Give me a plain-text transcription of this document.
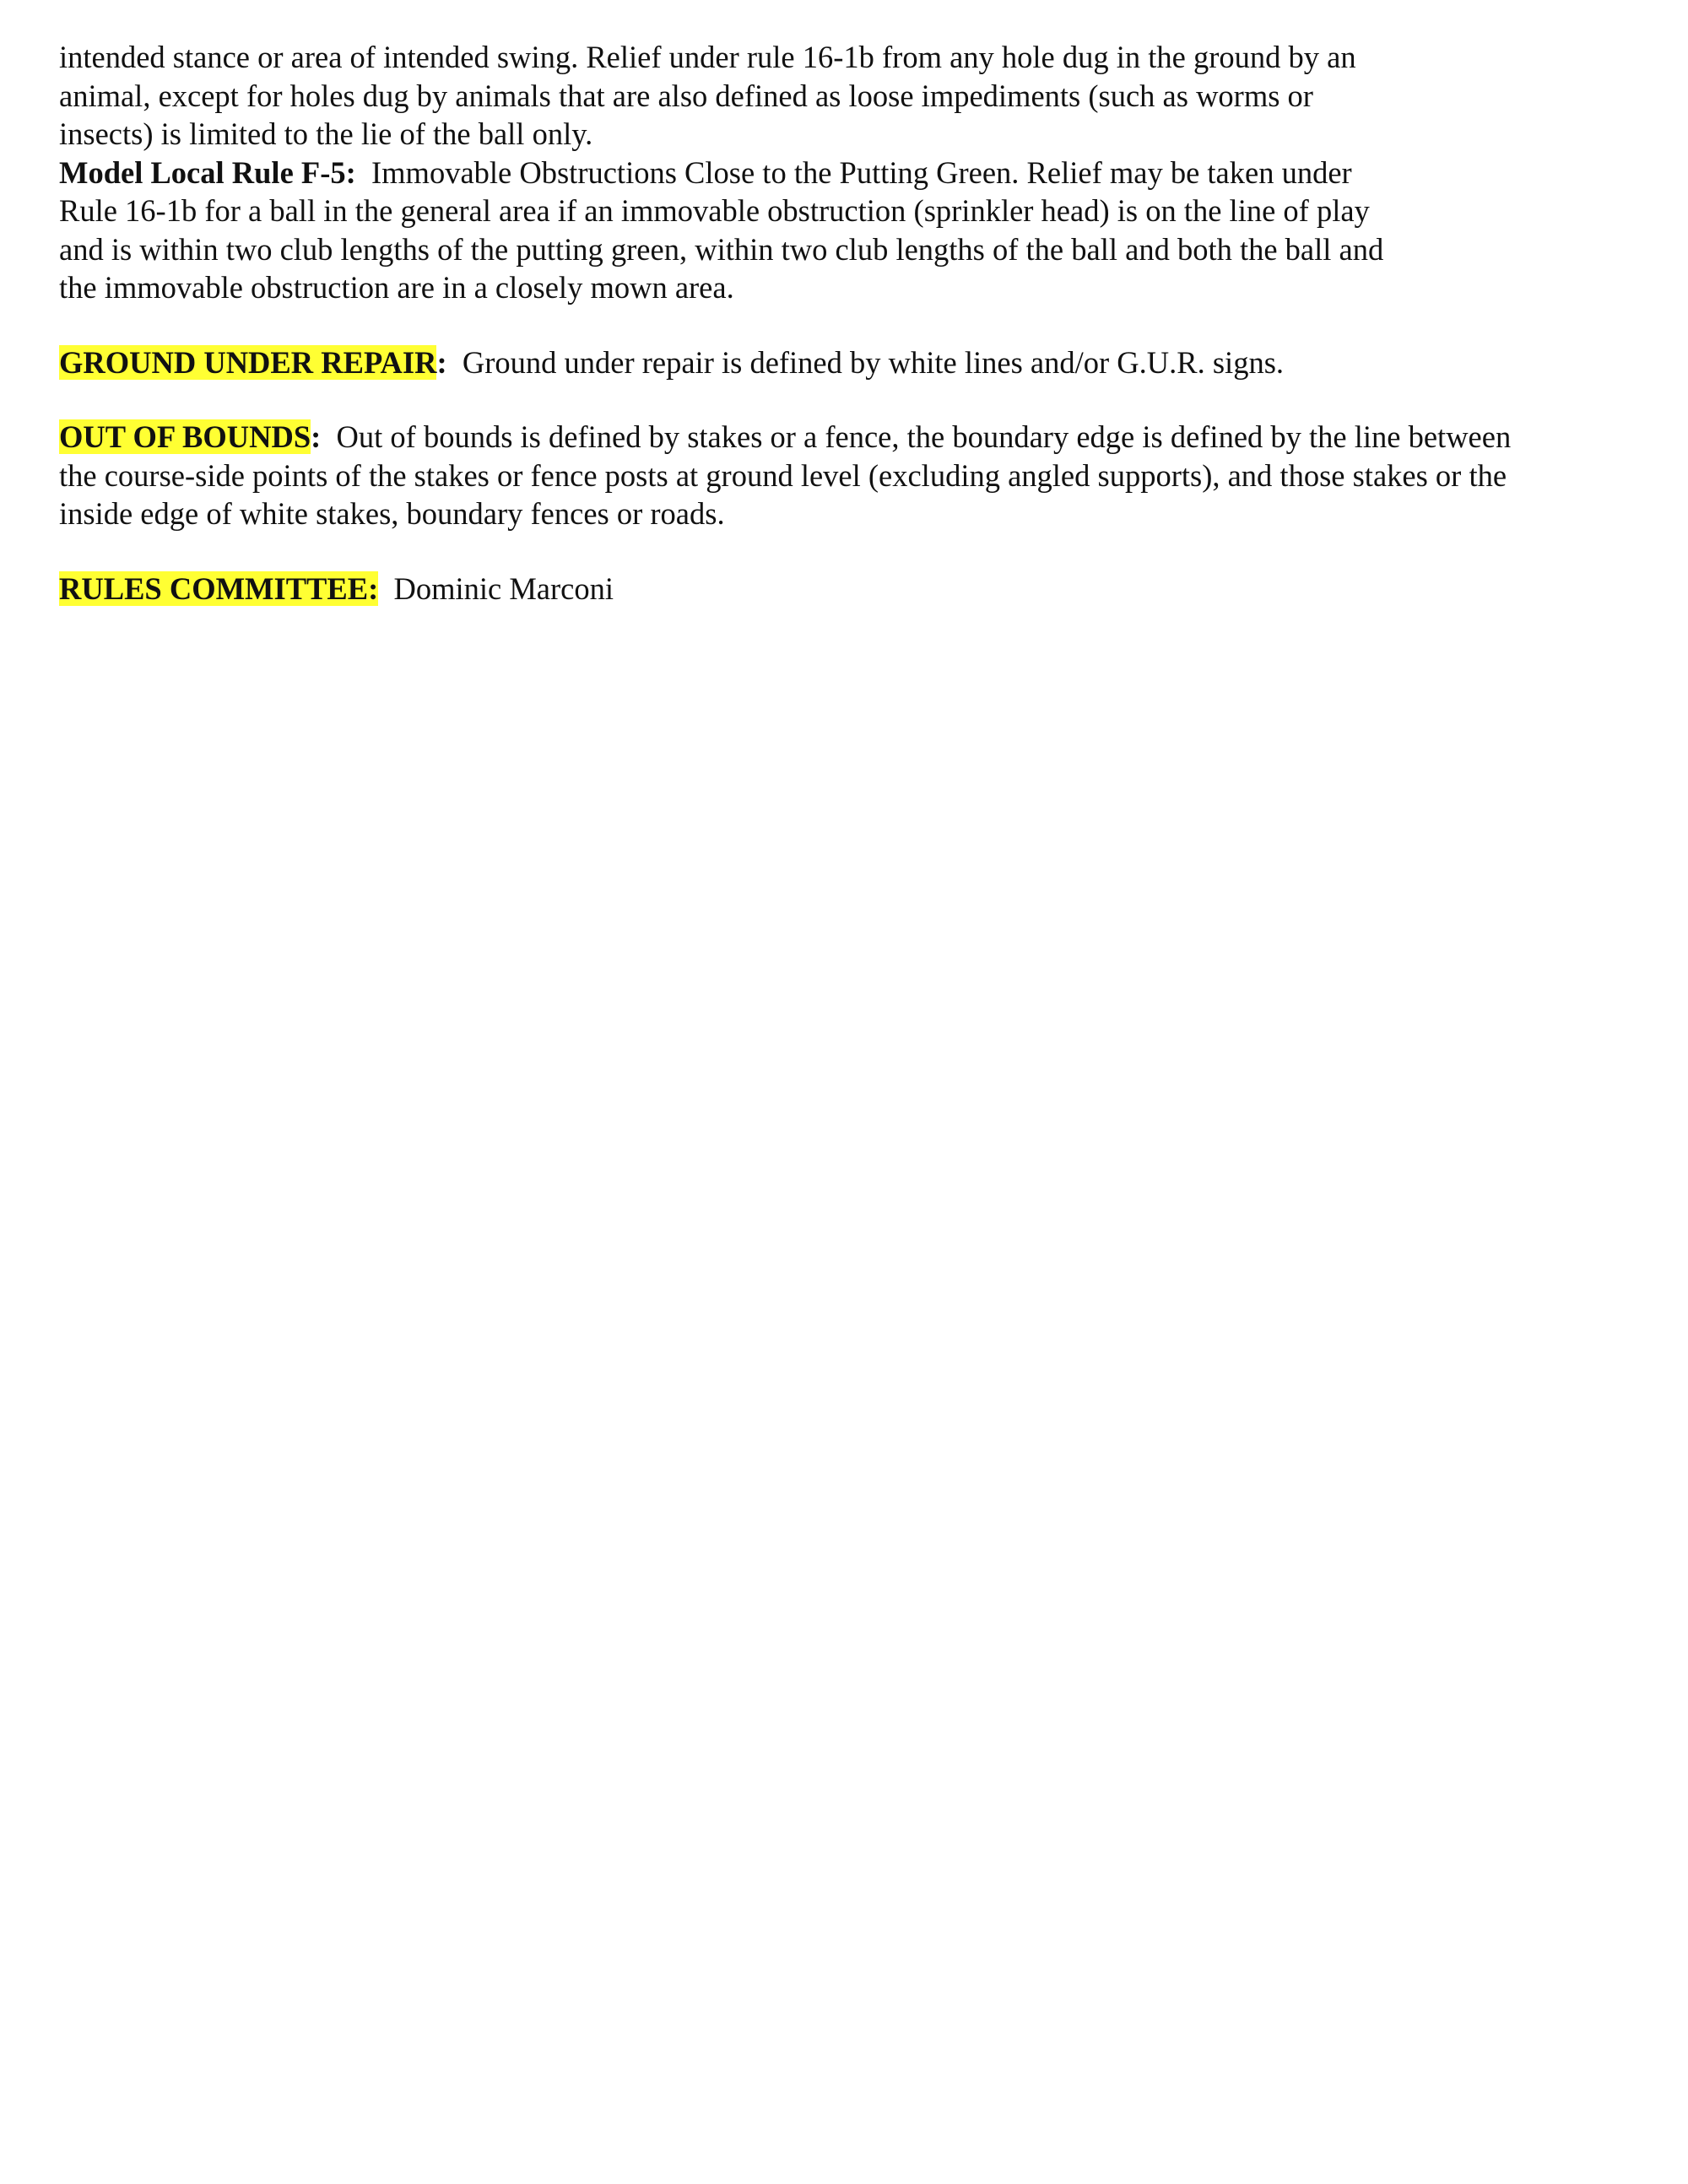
intended stance or area of intended swing. Relief under rule 16-1b from any hole dug in the ground by an
animal, except for holes dug by animals that are also defined as loose impediments (such as worms or
insects) is limited to the lie of the ball only.
Model Local Rule F-5: Immovable Obstructions Close to the Putting Green. Relief may be taken under
Rule 16-1b for a ball in the general area if an immovable obstruction (sprinkler head) is on the line of play
and is within two club lengths of the putting green, within two club lengths of the ball and both the ball and
the immovable obstruction are in a closely mown area.
GROUND UNDER REPAIR: Ground under repair is defined by white lines and/or G.U.R. signs.
OUT OF BOUNDS: Out of bounds is defined by stakes or a fence, the boundary edge is defined by the line between
the course-side points of the stakes or fence posts at ground level (excluding angled supports), and those stakes or the
inside edge of white stakes, boundary fences or roads.
RULES COMMITTEE: Dominic Marconi
